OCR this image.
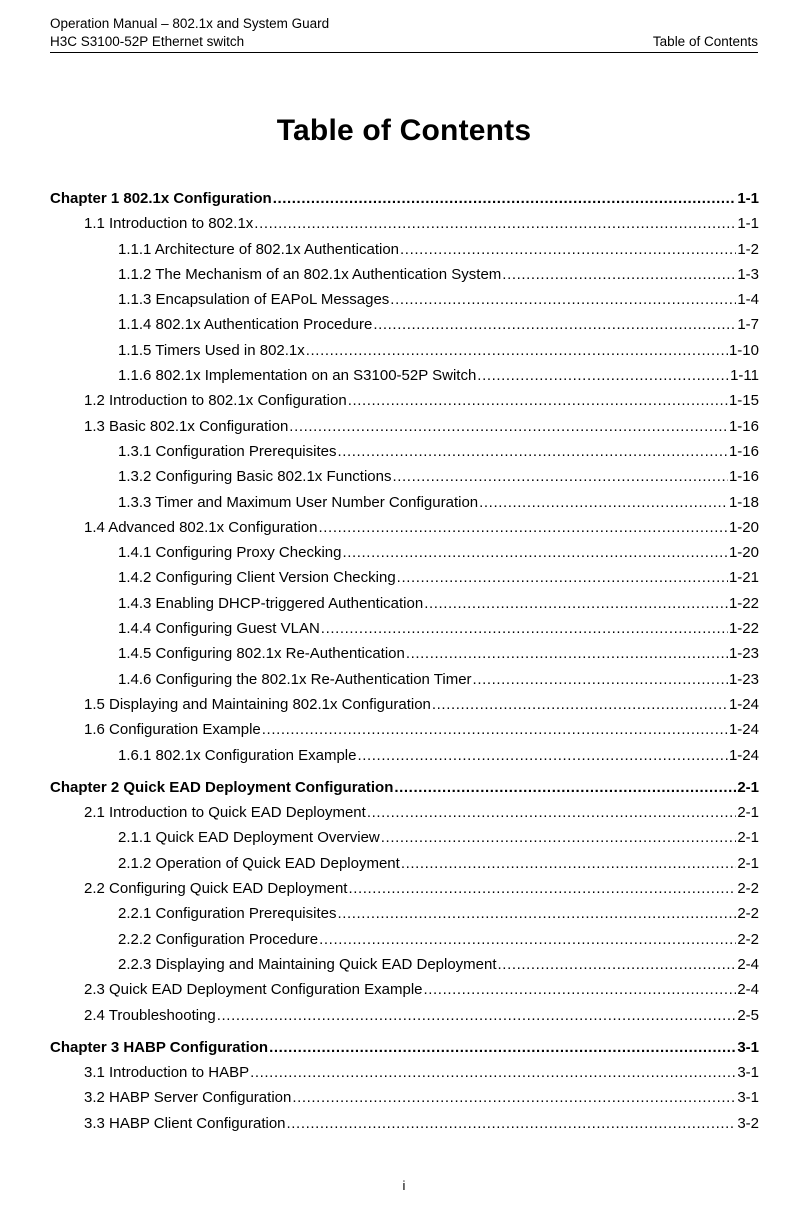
Operation Manual – 802.1x and System Guard
H3C S3100-52P Ethernet switch	Table of Contents
Table of Contents
Chapter 1 802.1x Configuration .....	1-1
1.1 Introduction to 802.1x .....	1-1
1.1.1 Architecture of 802.1x Authentication .....	1-2
1.1.2 The Mechanism of an 802.1x Authentication System .....	1-3
1.1.3 Encapsulation of EAPoL Messages .....	1-4
1.1.4 802.1x Authentication Procedure .....	1-7
1.1.5 Timers Used in 802.1x .....	1-10
1.1.6 802.1x Implementation on an S3100-52P Switch .....	1-11
1.2 Introduction to 802.1x Configuration .....	1-15
1.3 Basic 802.1x Configuration .....	1-16
1.3.1 Configuration Prerequisites .....	1-16
1.3.2 Configuring Basic 802.1x Functions .....	1-16
1.3.3 Timer and Maximum User Number Configuration .....	1-18
1.4 Advanced 802.1x Configuration .....	1-20
1.4.1 Configuring Proxy Checking .....	1-20
1.4.2 Configuring Client Version Checking .....	1-21
1.4.3 Enabling DHCP-triggered Authentication .....	1-22
1.4.4 Configuring Guest VLAN .....	1-22
1.4.5 Configuring 802.1x Re-Authentication .....	1-23
1.4.6 Configuring the 802.1x Re-Authentication Timer .....	1-23
1.5 Displaying and Maintaining 802.1x Configuration .....	1-24
1.6 Configuration Example .....	1-24
1.6.1 802.1x Configuration Example .....	1-24
Chapter 2 Quick EAD Deployment Configuration .....	2-1
2.1 Introduction to Quick EAD Deployment .....	2-1
2.1.1 Quick EAD Deployment Overview .....	2-1
2.1.2 Operation of Quick EAD Deployment .....	2-1
2.2 Configuring Quick EAD Deployment .....	2-2
2.2.1 Configuration Prerequisites .....	2-2
2.2.2 Configuration Procedure .....	2-2
2.2.3 Displaying and Maintaining Quick EAD Deployment .....	2-4
2.3 Quick EAD Deployment Configuration Example .....	2-4
2.4 Troubleshooting .....	2-5
Chapter 3 HABP Configuration .....	3-1
3.1 Introduction to HABP .....	3-1
3.2 HABP Server Configuration .....	3-1
3.3 HABP Client Configuration .....	3-2
i
